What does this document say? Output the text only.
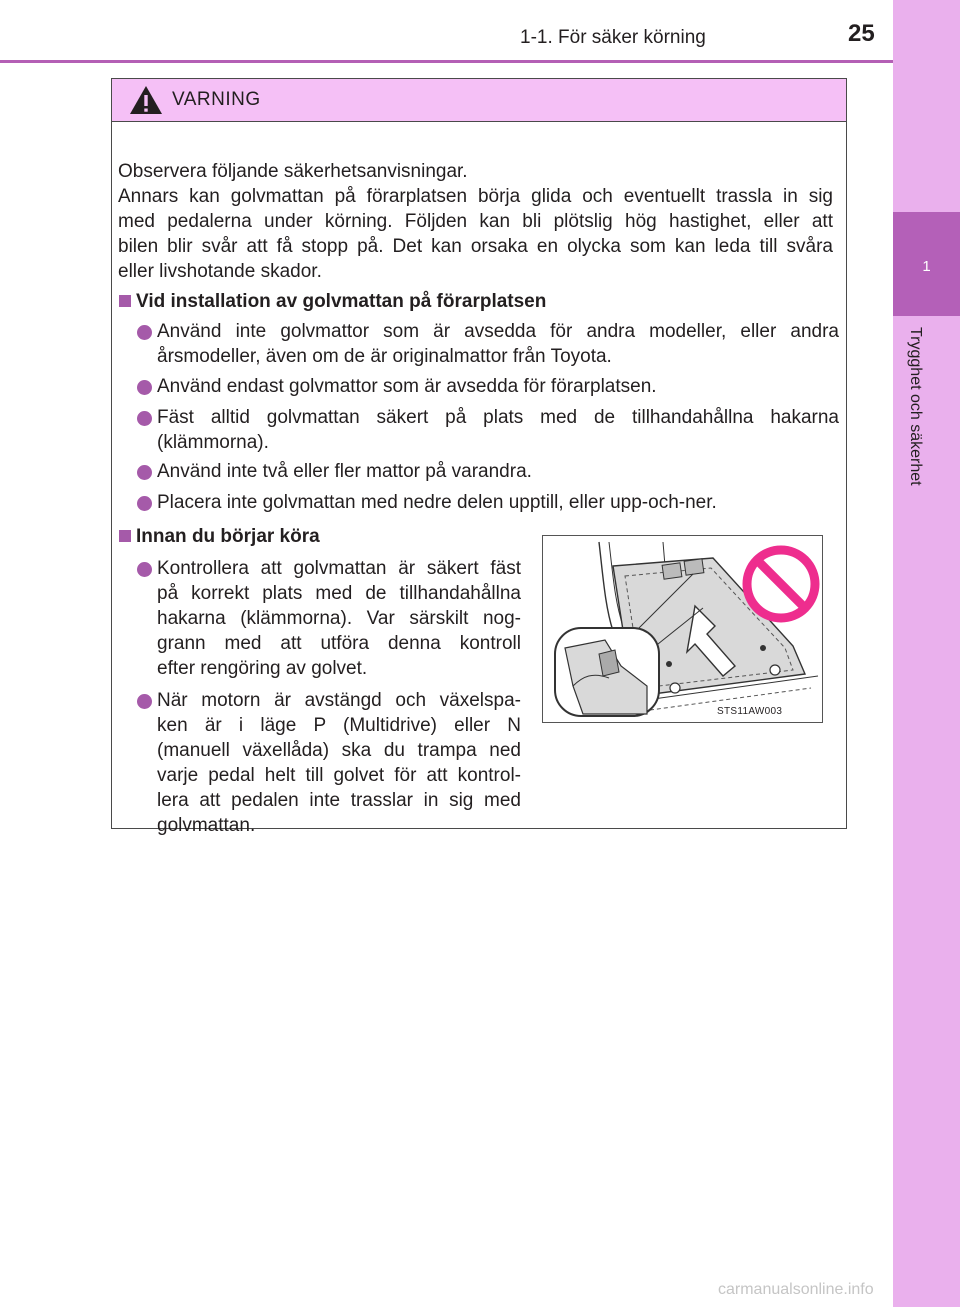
1-1. För säker körning	25
1
Trygghet och säkerhet
VARNING
Observera följande säkerhetsanvisningar.
Annars kan golvmattan på förarplatsen börja glida och eventuellt trassla in sig
med pedalerna under körning. Följden kan bli plötslig hög hastighet, eller att
bilen blir svår att få stopp på. Det kan orsaka en olycka som kan leda till svåra
eller livshotande skador.
Vid installation av golvmattan på förarplatsen
Använd inte golvmattor som är avsedda för andra modeller, eller andra
årsmodeller, även om de är originalmattor från Toyota.
Använd endast golvmattor som är avsedda för förarplatsen.
Fäst alltid golvmattan säkert på plats med de tillhandahållna hakarna
(klämmorna).
Använd inte två eller fler mattor på varandra.
Placera inte golvmattan med nedre delen upptill, eller upp-och-ner.
Innan du börjar köra
Kontrollera att golvmattan är säkert fäst
på korrekt plats med de tillhandahållna
hakarna (klämmorna). Var särskilt nog-
grann med att utföra denna kontroll
efter rengöring av golvet.
När motorn är avstängd och växelspa-
ken är i läge P (Multidrive) eller N
(manuell växellåda) ska du trampa ned
varje pedal helt till golvet för att kontrol-
lera att pedalen inte trasslar in sig med
golvmattan.
STS11AW003
carmanualsonline.info
